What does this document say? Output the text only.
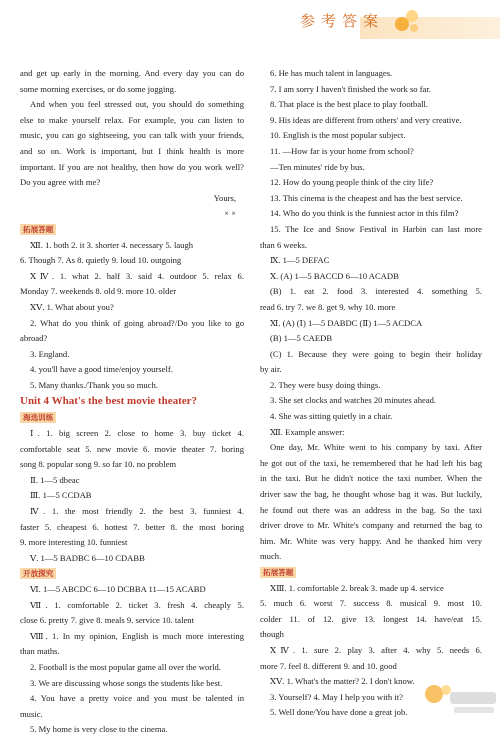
参考答案
and get up early in the morning. And every day you can do
some morning exercises, or do some jogging.
And when you feel stressed out, you should do something
else to make yourself relax. For example, you can listen to
music, you can go sightseeing, you can talk with your friends,
and so on. Work is important, but I think health is more
important. If you are not healthy, then how do you work well?
Do you agree with me?
Yours,
× ×
拓展答题

Ⅻ. 1. both 2. it 3. shorter 4. necessary 5. laugh
6. Though 7. As 8. quietly 9. loud 10. outgoing
ⅩⅣ. 1. what 2. half 3. said 4. outdoor 5. relax 6.
Monday 7. weekends 8. old 9. more 10. older
ⅩⅤ. 1. What about you?
2. What do you think of going abroad?/Do you like to go
abroad?
3. England.
4. you'll have a good time/enjoy yourself.
5. Many thanks./Thank you so much.
Unit 4 What's the best movie theater?
海选训练

Ⅰ. 1. big screen 2. close to home 3. buy ticket 4.
comfortable seat 5. new movie 6. movie theater 7. boring
song 8. popular song 9. so far 10. no problem
Ⅱ. 1—5 dbeac
Ⅲ. 1—5 CCDAB
Ⅳ. 1. the most friendly 2. the best 3. funniest 4.
faster 5. cheapest 6. hottest 7. better 8. the most boring
9. more interesting 10. funniest
Ⅴ. 1—5 BADBC 6—10 CDABB
开放探究

Ⅵ. 1—5 ABCDC 6—10 DCBBA 11—15 ACABD
Ⅶ. 1. comfortable 2. ticket 3. fresh 4. cheaply 5.
close 6. pretty 7. give 8. meals 9. service 10. talent
Ⅷ. 1. In my opinion, English is much more interesting
than maths.
2. Football is the most popular game all over the world.
3. We are discussing whose songs the students like best.
4. You have a pretty voice and you must be talented in
music.
5. My home is very close to the cinema.
6. He has much talent in languages.
7. I am sorry I haven't finished the work so far.
8. That place is the best place to play football.
9. His ideas are different from others' and very creative.
10. English is the most popular subject.
11. —How far is your home from school?
—Ten minutes' ride by bus.
12. How do young people think of the city life?
13. This cinema is the cheapest and has the best service.
14. Who do you think is the funniest actor in this film?
15. The Ice and Snow Festival in Harbin can last more
than 6 weeks.
Ⅸ. 1—5 DEFAC
Ⅹ. (A) 1—5 BACCD 6—10 ACADB
(B) 1. eat 2. food 3. interested 4. something 5.
read 6. try 7. we 8. get 9. why 10. more
Ⅺ. (A) (Ⅰ) 1—5 DABDC (Ⅱ) 1—5 ACDCA
(B) 1—5 CAEDB
(C) 1. Because they were going to begin their holiday
by air.
2. They were busy doing things.
3. She set clocks and watches 20 minutes ahead.
4. She was sitting quietly in a chair.
Ⅻ. Example answer:
One day, Mr. White went to his company by taxi. After
he got out of the taxi, he remembered that he had left his bag
in the taxi. But he didn't notice the taxi number. When the
driver saw the bag, he thought whose bag it was. But luckily,
he found out there was an address in the bag. So the taxi
driver drove to Mr. White's company and returned the bag to
him. Mr. White was very happy. And he thanked him very
much.
拓展答题

ⅩⅢ. 1. comfortable 2. break 3. made up 4. service
5. much 6. worst 7. success 8. musical 9. most 10.
colder 11. of 12. give 13. longest 14. have/eat 15.
though
ⅩⅣ. 1. sure 2. play 3. after 4. why 5. needs 6.
more 7. feel 8. different 9. and 10. good
ⅩⅤ. 1. What's the matter? 2. I don't know.
3. Yourself? 4. May I help you with it?
5. Well done/You have done a great job.
